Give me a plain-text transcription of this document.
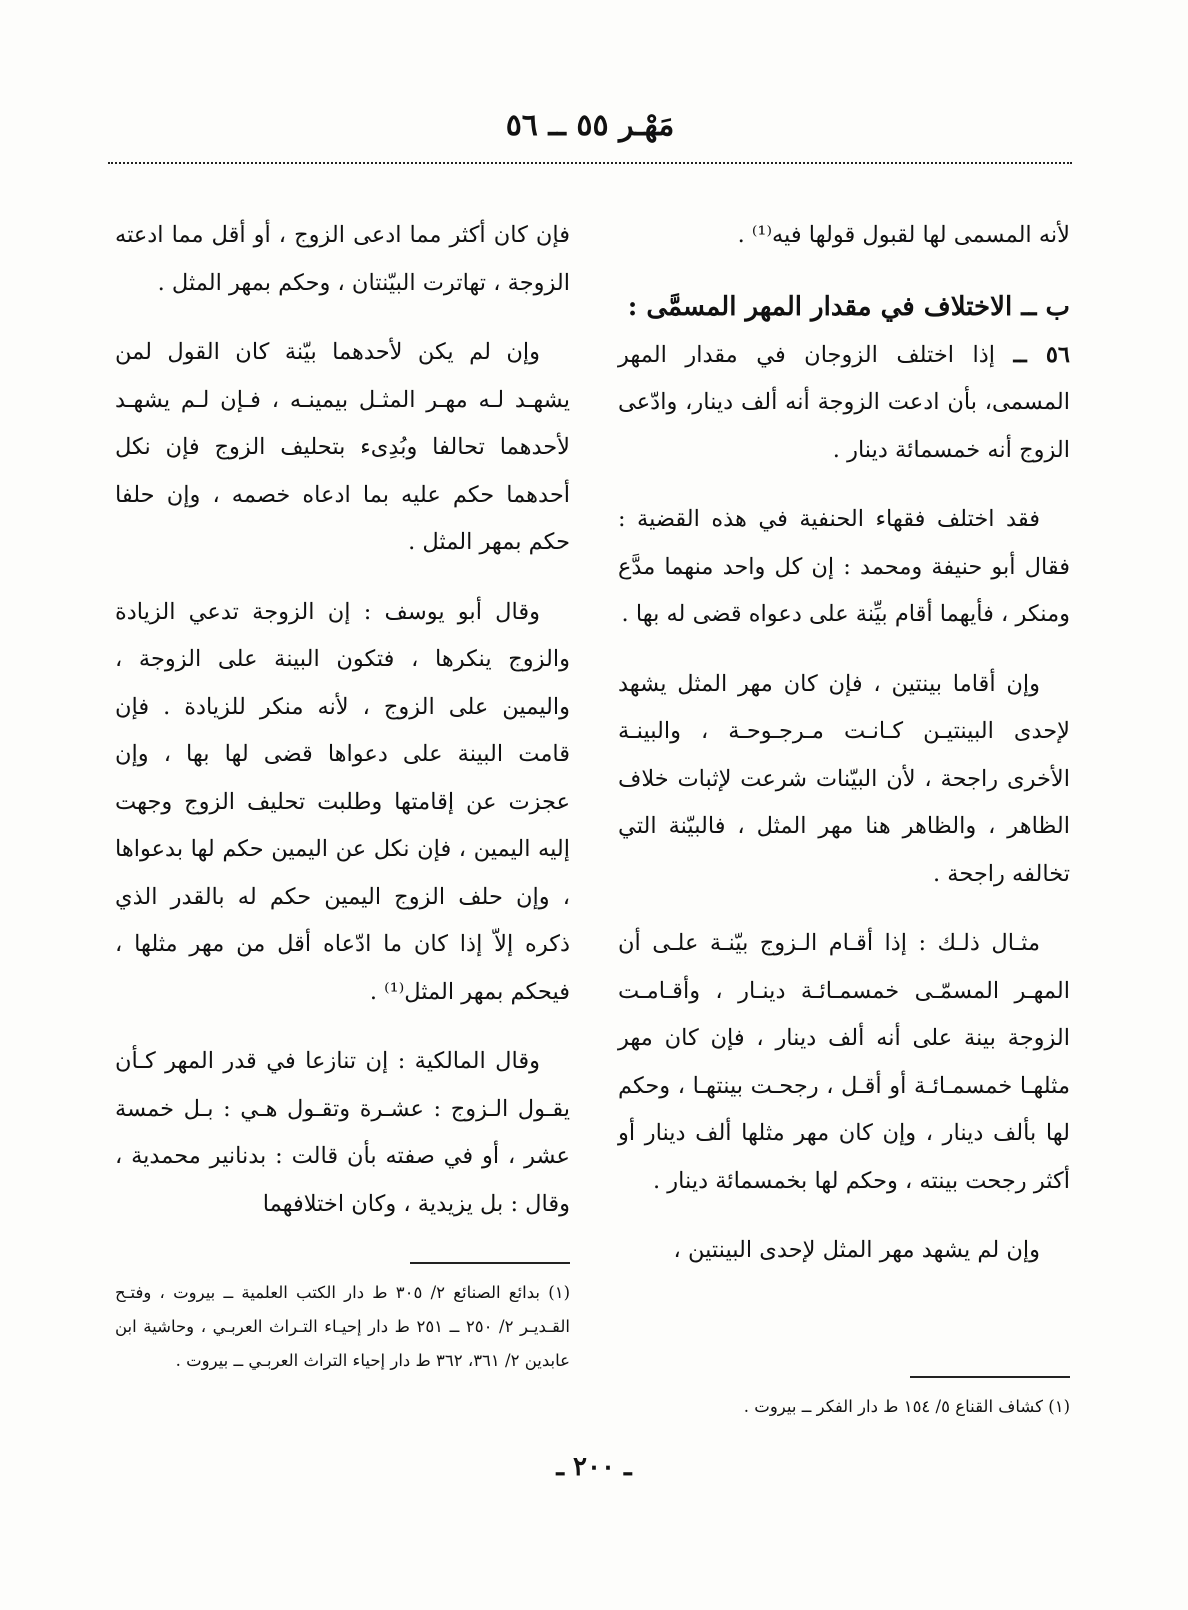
مَهْـر ٥٥ ــ ٥٦

لأنه المسمى لها لقبول قولها فيه⁽¹⁾ .

ب ــ الاختلاف في مقدار المهر المسمَّى :

٥٦ ــ إذا اختلف الزوجان في مقدار المهر المسمى، بأن ادعت الزوجة أنه ألف دينار، وادّعى الزوج أنه خمسمائة دينار .

فقد اختلف فقهاء الحنفية في هذه القضية : فقال أبو حنيفة ومحمد : إن كل واحد منهما مدَّع ومنكر ، فأيهما أقام بيِّنة على دعواه قضى له بها .

وإن أقاما بينتين ، فإن كان مهر المثل يشهد لإحدى البينتيـن كـانـت مـرجـوحـة ، والبينـة الأخرى راجحة ، لأن البيّنات شرعت لإثبات خلاف الظاهر ، والظاهر هنا مهر المثل ، فالبيّنة التي تخالفه راجحة .

مثـال ذلـك : إذا أقـام الـزوج بيّنـة علـى أن المهـر المسمّـى خمسمـائـة دينـار ، وأقـامـت الزوجة بينة على أنه ألف دينار ، فإن كان مهر مثلهـا خمسمـائـة أو أقـل ، رجحـت بينتهـا ، وحكم لها بألف دينار ، وإن كان مهر مثلها ألف دينار أو أكثر رجحت بينته ، وحكم لها بخمسمائة دينار .

وإن لم يشهد مهر المثل لإحدى البينتين ،

فإن كان أكثر مما ادعى الزوج ، أو أقل مما ادعته الزوجة ، تهاترت البيّنتان ، وحكم بمهر المثل .

وإن لم يكن لأحدهما بيّنة كان القول لمن يشهـد لـه مهـر المثـل بيمينـه ، فـإن لـم يشهـد لأحدهما تحالفا وبُدِىء بتحليف الزوج فإن نكل أحدهما حكم عليه بما ادعاه خصمه ، وإن حلفا حكم بمهر المثل .

وقال أبو يوسف : إن الزوجة تدعي الزيادة والزوج ينكرها ، فتكون البينة على الزوجة ، واليمين على الزوج ، لأنه منكر للزيادة . فإن قامت البينة على دعواها قضى لها بها ، وإن عجزت عن إقامتها وطلبت تحليف الزوج وجهت إليه اليمين ، فإن نكل عن اليمين حكم لها بدعواها ، وإن حلف الزوج اليمين حكم له بالقدر الذي ذكره إلاّ إذا كان ما ادّعاه أقل من مهر مثلها ، فيحكم بمهر المثل⁽¹⁾ .

وقال المالكية : إن تنازعا في قدر المهر كـأن يقـول الـزوج : عشـرة وتقـول هـي : بـل خمسة عشر ، أو في صفته بأن قالت : بدنانير محمدية ، وقال : بل يزيدية ، وكان اختلافهما

(١) كشاف القناع ٥/ ١٥٤ ط دار الفكر ــ بيروت .

(١) بدائع الصنائع ٢/ ٣٠٥ ط دار الكتب العلمية ــ بيروت ، وفتـح القـديـر ٢/ ٢٥٠ ــ ٢٥١ ط دار إحيـاء التـراث العربـي ، وحاشية ابن عابدين ٢/ ٣٦١، ٣٦٢ ط دار إحياء التراث العربـي ــ بيروت .

ـ ٢٠٠ ـ
